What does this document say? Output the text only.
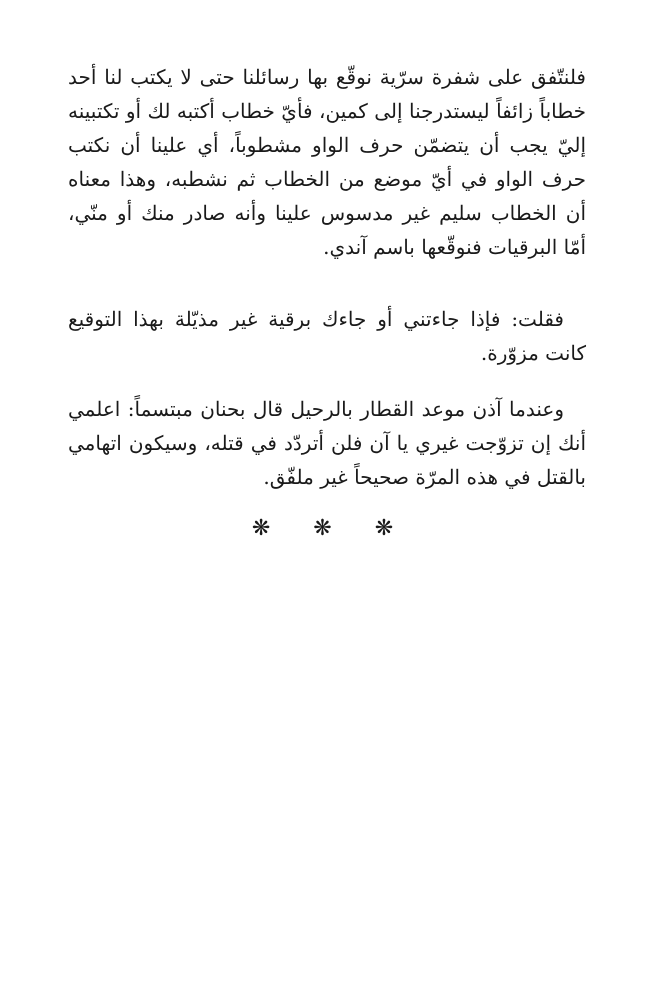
فلنتّفق على شفرة سرّية نوقّع بها رسائلنا حتى لا يكتب لنا أحد خطاباً زائفاً ليستدرجنا إلى كمين، فأيّ خطاب أكتبه لك أو تكتبينه إليّ يجب أن يتضمّن حرف الواو مشطوباً، أي علينا أن نكتب حرف الواو في أيّ موضع من الخطاب ثم نشطبه، وهذا معناه أن الخطاب سليم غير مدسوس علينا وأنه صادر منك أو منّي، أمّا البرقيات فنوقّعها باسم آندي.

فقلت: فإذا جاءتني أو جاءك برقية غير مذيّلة بهذا التوقيع كانت مزوّرة.

وعندما آذن موعد القطار بالرحيل قال بحنان مبتسماً: اعلمي أنك إن تزوّجت غيري يا آن فلن أتردّد في قتله، وسيكون اتهامي بالقتل في هذه المرّة صحيحاً غير ملفّق.

❋ ❋ ❋
